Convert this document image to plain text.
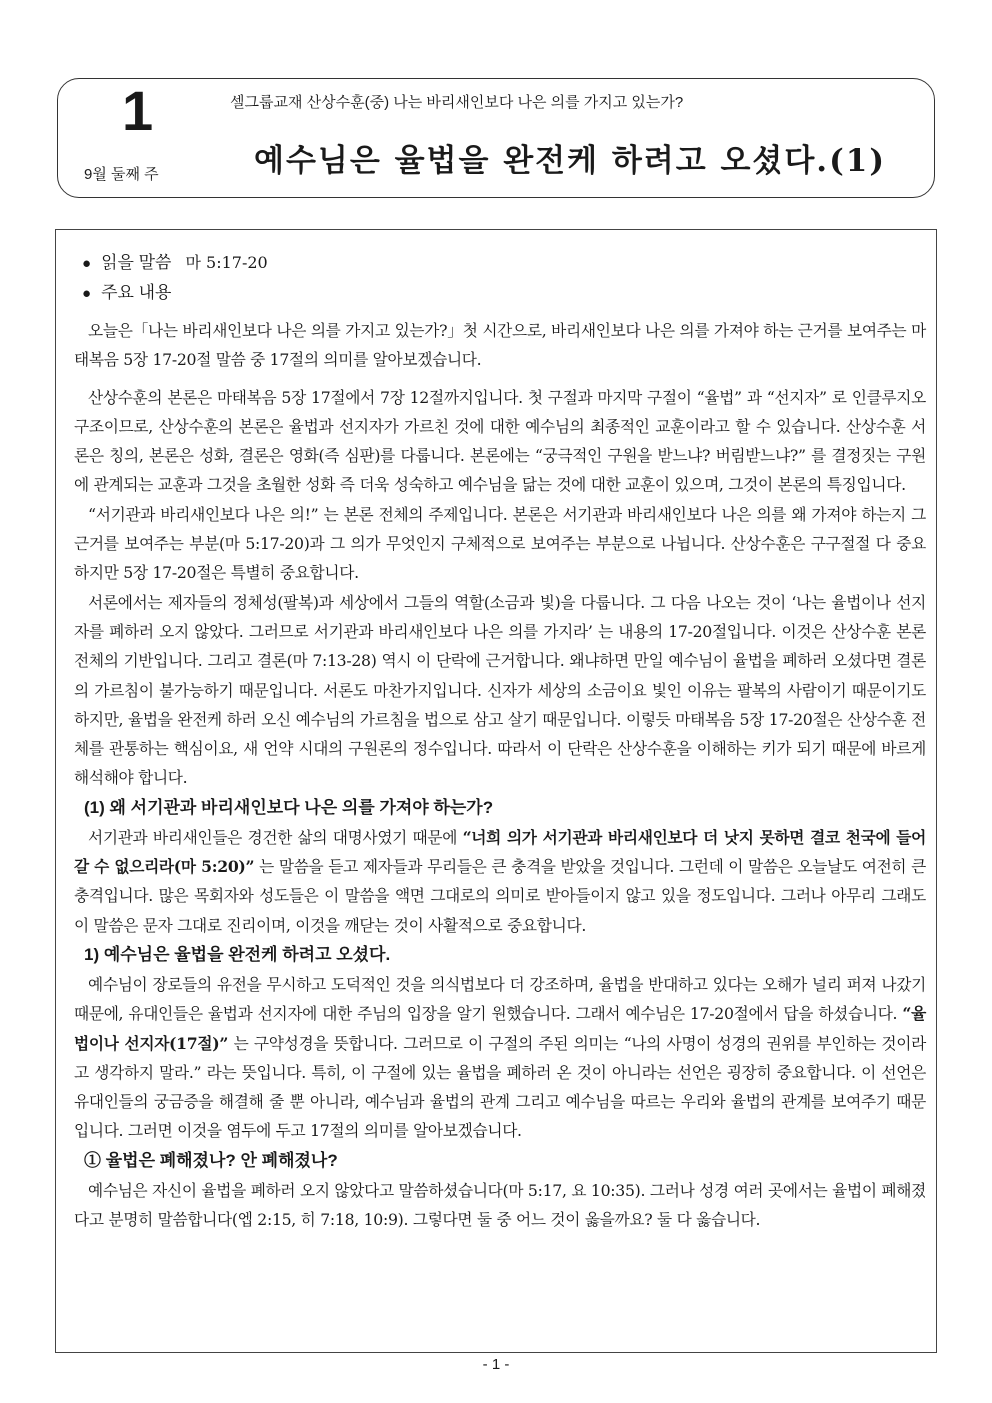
1
9월 둘째 주
셀그룹교재 산상수훈(중) 나는 바리새인보다 나은 의를 가지고 있는가?
예수님은 율법을 완전케 하려고 오셨다.(1)
● 읽을 말씀 마 5:17-20
● 주요 내용

오늘은「나는 바리새인보다 나은 의를 가지고 있는가?」첫 시간으로, 바리새인보다 나은 의를 가져야 하는 근거를 보여주는 마태복음 5장 17-20절 말씀 중 17절의 의미를 알아보겠습니다.

산상수훈의 본론은 마태복음 5장 17절에서 7장 12절까지입니다. 첫 구절과 마지막 구절이 “율법” 과 “선지자” 로 인클루지오 구조이므로, 산상수훈의 본론은 율법과 선지자가 가르친 것에 대한 예수님의 최종적인 교훈이라고 할 수 있습니다. 산상수훈 서론은 칭의, 본론은 성화, 결론은 영화(즉 심판)를 다룹니다. 본론에는 “궁극적인 구원을 받느냐? 버림받느냐?” 를 결정짓는 구원에 관계되는 교훈과 그것을 초월한 성화 즉 더욱 성숙하고 예수님을 닮는 것에 대한 교훈이 있으며, 그것이 본론의 특징입니다.

“서기관과 바리새인보다 나은 의!” 는 본론 전체의 주제입니다. 본론은 서기관과 바리새인보다 나은 의를 왜 가져야 하는지 그 근거를 보여주는 부분(마 5:17-20)과 그 의가 무엇인지 구체적으로 보여주는 부분으로 나뉩니다. 산상수훈은 구구절절 다 중요하지만 5장 17-20절은 특별히 중요합니다.

서론에서는 제자들의 정체성(팔복)과 세상에서 그들의 역할(소금과 빛)을 다룹니다. 그 다음 나오는 것이 ‘나는 율법이나 선지자를 폐하러 오지 않았다. 그러므로 서기관과 바리새인보다 나은 의를 가지라’ 는 내용의 17-20절입니다. 이것은 산상수훈 본론 전체의 기반입니다. 그리고 결론(마 7:13-28) 역시 이 단락에 근거합니다. 왜냐하면 만일 예수님이 율법을 폐하러 오셨다면 결론의 가르침이 불가능하기 때문입니다. 서론도 마찬가지입니다. 신자가 세상의 소금이요 빛인 이유는 팔복의 사람이기 때문이기도 하지만, 율법을 완전케 하러 오신 예수님의 가르침을 법으로 삼고 살기 때문입니다. 이렇듯 마태복음 5장 17-20절은 산상수훈 전체를 관통하는 핵심이요, 새 언약 시대의 구원론의 정수입니다. 따라서 이 단락은 산상수훈을 이해하는 키가 되기 때문에 바르게 해석해야 합니다.

(1) 왜 서기관과 바리새인보다 나은 의를 가져야 하는가?

서기관과 바리새인들은 경건한 삶의 대명사였기 때문에 “너희 의가 서기관과 바리새인보다 더 낫지 못하면 결코 천국에 들어갈 수 없으리라(마 5:20)” 는 말씀을 듣고 제자들과 무리들은 큰 충격을 받았을 것입니다. 그런데 이 말씀은 오늘날도 여전히 큰 충격입니다. 많은 목회자와 성도들은 이 말씀을 액면 그대로의 의미로 받아들이지 않고 있을 정도입니다. 그러나 아무리 그래도 이 말씀은 문자 그대로 진리이며, 이것을 깨닫는 것이 사활적으로 중요합니다.

1) 예수님은 율법을 완전케 하려고 오셨다.

예수님이 장로들의 유전을 무시하고 도덕적인 것을 의식법보다 더 강조하며, 율법을 반대하고 있다는 오해가 널리 퍼져 나갔기 때문에, 유대인들은 율법과 선지자에 대한 주님의 입장을 알기 원했습니다. 그래서 예수님은 17-20절에서 답을 하셨습니다. “율법이나 선지자(17절)” 는 구약성경을 뜻합니다. 그러므로 이 구절의 주된 의미는 “나의 사명이 성경의 권위를 부인하는 것이라고 생각하지 말라.” 라는 뜻입니다. 특히, 이 구절에 있는 율법을 폐하러 온 것이 아니라는 선언은 굉장히 중요합니다. 이 선언은 유대인들의 궁금증을 해결해 줄 뿐 아니라, 예수님과 율법의 관계 그리고 예수님을 따르는 우리와 율법의 관계를 보여주기 때문입니다. 그러면 이것을 염두에 두고 17절의 의미를 알아보겠습니다.

① 율법은 폐해졌나? 안 폐해졌나?

예수님은 자신이 율법을 폐하러 오지 않았다고 말씀하셨습니다(마 5:17, 요 10:35). 그러나 성경 여러 곳에서는 율법이 폐해졌다고 분명히 말씀합니다(엡 2:15, 히 7:18, 10:9). 그렇다면 둘 중 어느 것이 옳을까요? 둘 다 옳습니다.

- 1 -
